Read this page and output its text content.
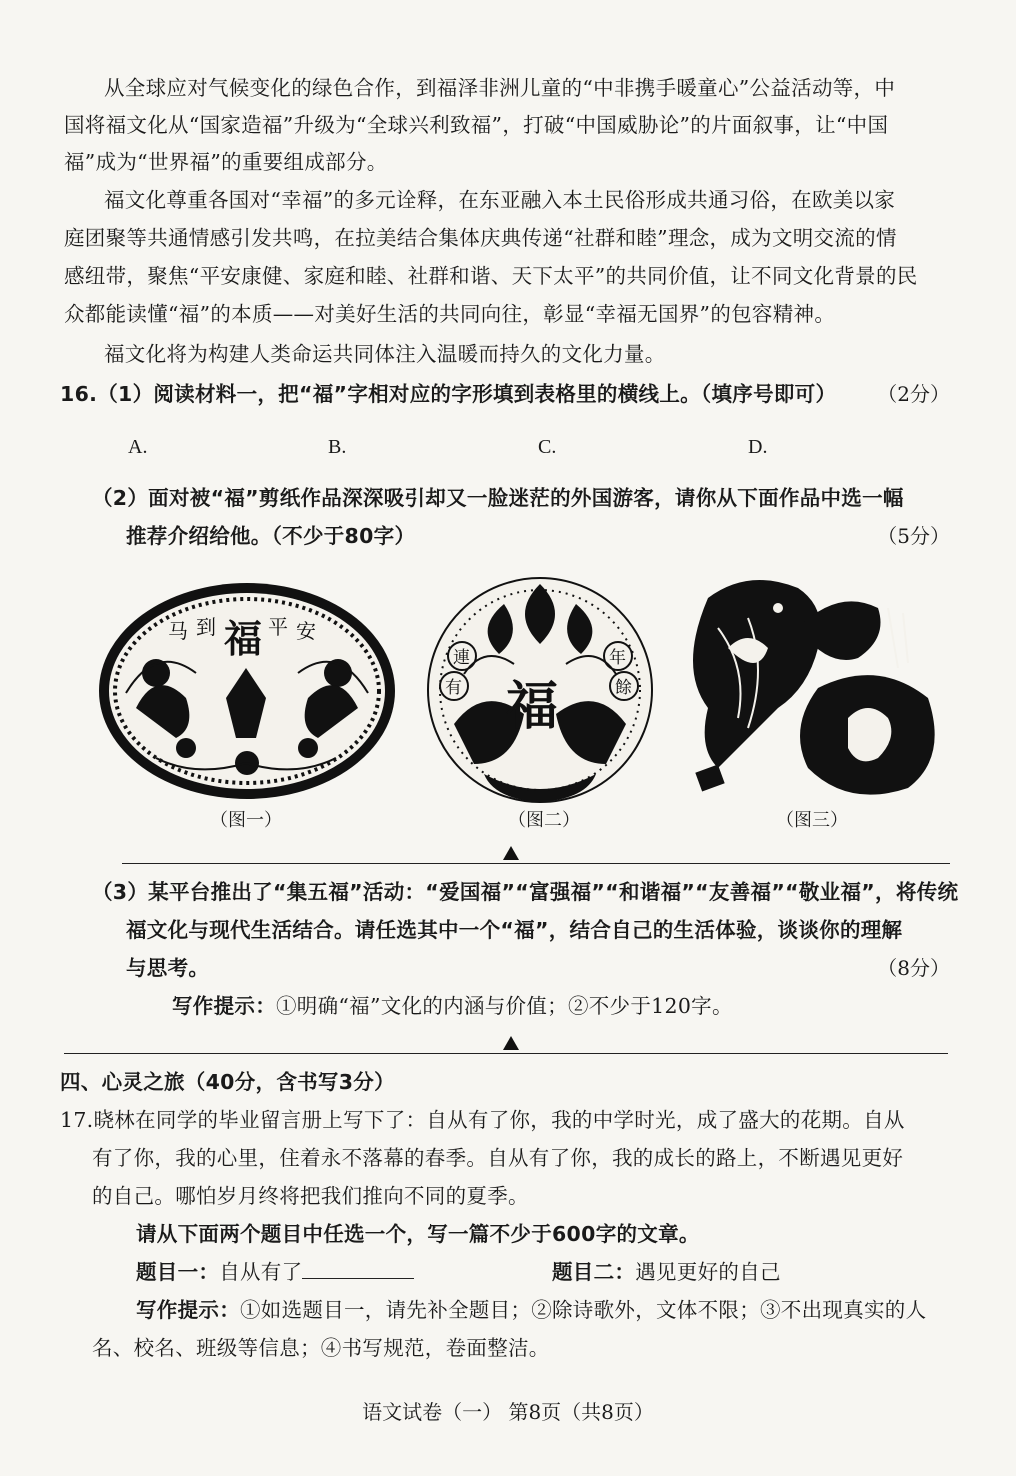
从全球应对气候变化的绿色合作，到福泽非洲儿童的“中非携手暖童心”公益活动等，中
国将福文化从“国家造福”升级为“全球兴利致福”，打破“中国威胁论”的片面叙事，让“中国
福”成为“世界福”的重要组成部分。
福文化尊重各国对“幸福”的多元诠释，在东亚融入本土民俗形成共通习俗，在欧美以家
庭团聚等共通情感引发共鸣，在拉美结合集体庆典传递“社群和睦”理念，成为文明交流的情
感纽带，聚焦“平安康健、家庭和睦、社群和谐、天下太平”的共同价值，让不同文化背景的民
众都能读懂“福”的本质——对美好生活的共同向往，彰显“幸福无国界”的包容精神。
福文化将为构建人类命运共同体注入温暖而持久的文化力量。
16.（1）阅读材料一，把“福”字相对应的字形填到表格里的横线上。（填序号即可）	（2分）
A.	B.	C.	D.
（2）面对被“福”剪纸作品深深吸引却又一脸迷茫的外国游客，请你从下面作品中选一幅
推荐介绍给他。（不少于80字）	（5分）
马 到 福 平 安
福
連
有
年
餘
福
福
（图一）	（图二）	（图三）
（3）某平台推出了“集五福”活动：“爱国福”“富强福”“和谐福”“友善福”“敬业福”，将传统
福文化与现代生活结合。请任选其中一个“福”，结合自己的生活体验，谈谈你的理解
与思考。	（8分）
写作提示：①明确“福”文化的内涵与价值；②不少于120字。
四、心灵之旅（40分，含书写3分）
17.晓林在同学的毕业留言册上写下了：自从有了你，我的中学时光，成了盛大的花期。自从
有了你，我的心里，住着永不落幕的春季。自从有了你，我的成长的路上，不断遇见更好
的自己。哪怕岁月终将把我们推向不同的夏季。
请从下面两个题目中任选一个，写一篇不少于600字的文章。
题目一：自从有了	题目二：遇见更好的自己
写作提示：①如选题目一，请先补全题目；②除诗歌外，文体不限；③不出现真实的人
名、校名、班级等信息；④书写规范，卷面整洁。
语文试卷（一） 第8页（共8页）
